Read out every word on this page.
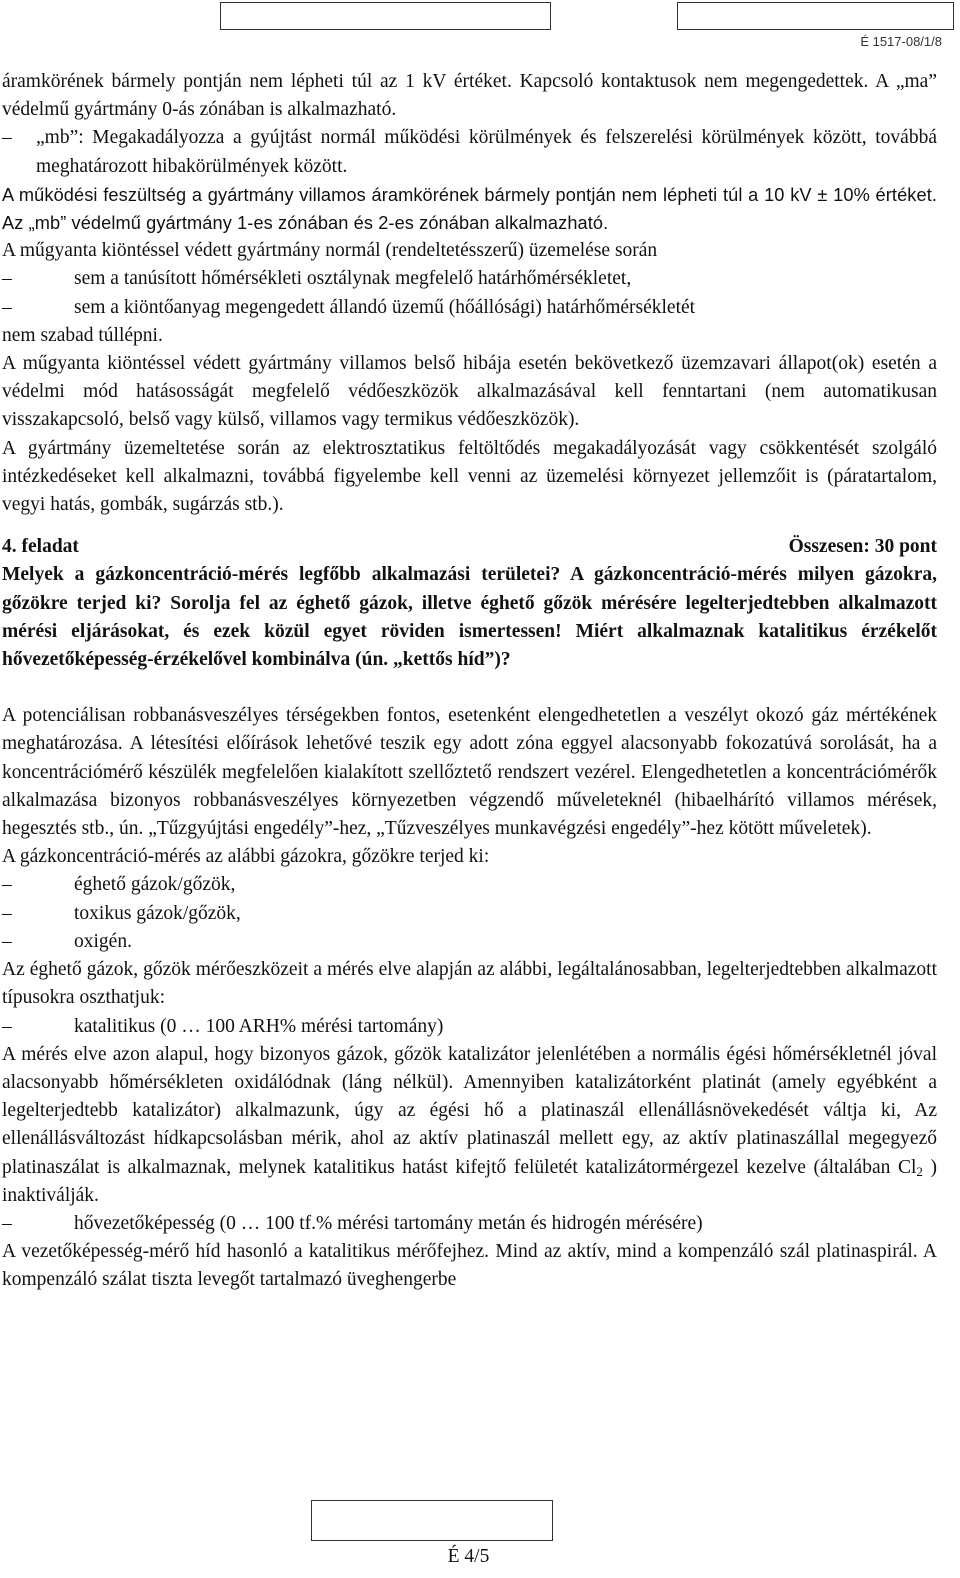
É 1517-08/1/8

áramkörének bármely pontján nem lépheti túl az 1 kV értéket. Kapcsoló kontaktusok nem megengedettek. A „ma” védelmű gyártmány 0-ás zónában is alkalmazható.

–	„mb”: Megakadályozza a gyújtást normál működési körülmények és felszerelési körülmények között, továbbá meghatározott hibakörülmények között.

A működési feszültség a gyártmány villamos áramkörének bármely pontján nem lépheti túl a 10 kV ± 10% értéket. Az „mb” védelmű gyártmány 1-es zónában és 2-es zónában alkalmazható.

A műgyanta kiöntéssel védett gyártmány normál (rendeltetésszerű) üzemelése során

–	sem a tanúsított hőmérsékleti osztálynak megfelelő határhőmérsékletet,

–	sem a kiöntőanyag megengedett állandó üzemű (hőállósági) határhőmérsékletét

nem szabad túllépni.

A műgyanta kiöntéssel védett gyártmány villamos belső hibája esetén bekövetkező üzemzavari állapot(ok) esetén a védelmi mód hatásosságát megfelelő védőeszközök alkalmazásával kell fenntartani (nem automatikusan visszakapcsoló, belső vagy külső, villamos vagy termikus védőeszközök).

A gyártmány üzemeltetése során az elektrosztatikus feltöltődés megakadályozását vagy csökkentését szolgáló intézkedéseket kell alkalmazni, továbbá figyelembe kell venni az üzemelési környezet jellemzőit is (páratartalom, vegyi hatás, gombák, sugárzás stb.).

4. feladat	Összesen: 30 pont

Melyek a gázkoncentráció-mérés legfőbb alkalmazási területei? A gázkoncentráció-mérés milyen gázokra, gőzökre terjed ki? Sorolja fel az éghető gázok, illetve éghető gőzök mérésére legelterjedtebben alkalmazott mérési eljárásokat, és ezek közül egyet röviden ismertessen! Miért alkalmaznak katalitikus érzékelőt hővezetőképesség-érzékelővel kombinálva (ún. „kettős híd”)?

A potenciálisan robbanásveszélyes térségekben fontos, esetenként elengedhetetlen a veszélyt okozó gáz mértékének meghatározása. A létesítési előírások lehetővé teszik egy adott zóna eggyel alacsonyabb fokozatúvá sorolását, ha a koncentrációmérő készülék megfelelően kialakított szellőztető rendszert vezérel. Elengedhetetlen a koncentrációmérők alkalmazása bizonyos robbanásveszélyes környezetben végzendő műveleteknél (hibaelhárító villamos mérések, hegesztés stb., ún. „Tűzgyújtási engedély”-hez, „Tűzveszélyes munkavégzési engedély”-hez kötött műveletek).

A gázkoncentráció-mérés az alábbi gázokra, gőzökre terjed ki:

–	éghető gázok/gőzök,

–	toxikus gázok/gőzök,

–	oxigén.

Az éghető gázok, gőzök mérőeszközeit a mérés elve alapján az alábbi, legáltalánosabban, legelterjedtebben alkalmazott típusokra oszthatjuk:

–	katalitikus (0 … 100 ARH% mérési tartomány)

A mérés elve azon alapul, hogy bizonyos gázok, gőzök katalizátor jelenlétében a normális égési hőmérsékletnél jóval alacsonyabb hőmérsékleten oxidálódnak (láng nélkül). Amennyiben katalizátorként platinát (amely egyébként a legelterjedtebb katalizátor) alkalmazunk, úgy az égési hő a platinaszál ellenállásnövekedését váltja ki, Az ellenállásváltozást hídkapcsolásban mérik, ahol az aktív platinaszál mellett egy, az aktív platinaszállal megegyező platinaszálat is alkalmaznak, melynek katalitikus hatást kifejtő felületét katalizátormérgezel kezelve (általában $Cl_2$ ) inaktiválják.

–	hővezetőképesség (0 … 100 tf.% mérési tartomány metán és hidrogén mérésére)

A vezetőképesség-mérő híd hasonló a katalitikus mérőfejhez. Mind az aktív, mind a kompenzáló szál platinaspirál. A kompenzáló szálat tiszta levegőt tartalmazó üveghengerbe

É 4/5
